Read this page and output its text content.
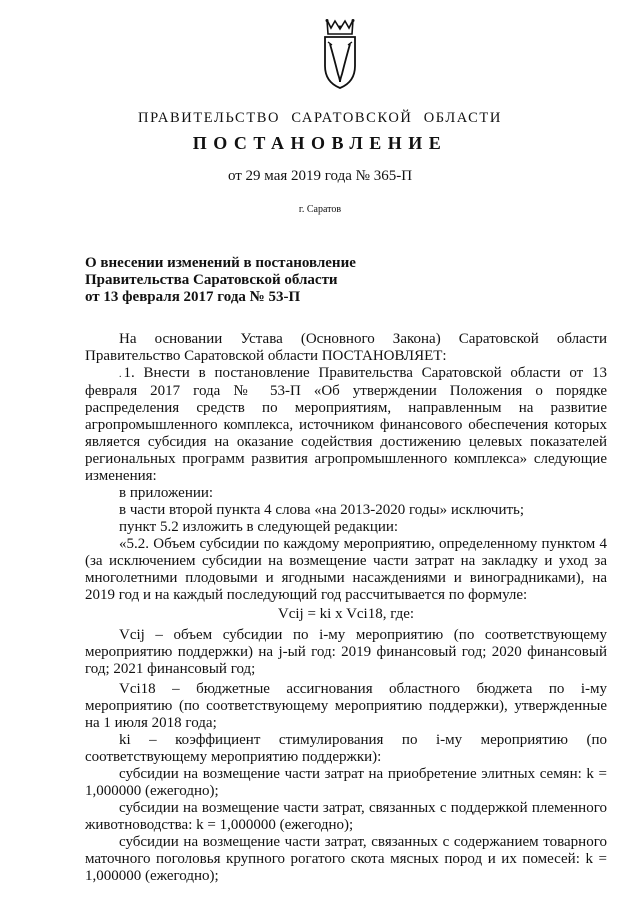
ПРАВИТЕЛЬСТВО САРАТОВСКОЙ ОБЛАСТИ
ПОСТАНОВЛЕНИЕ
от 29 мая 2019 года № 365-П
г. Саратов
О внесении изменений в постановление
Правительства Саратовской области
от 13 февраля 2017 года № 53-П

На основании Устава (Основного Закона) Саратовской области Правительство Саратовской области ПОСТАНОВЛЯЕТ:

. 1. Внести в постановление Правительства Саратовской области от 13 февраля 2017 года № 53-П «Об утверждении Положения о порядке распределения средств по мероприятиям, направленным на развитие агропромышленного комплекса, источником финансового обеспечения которых является субсидия на оказание содействия достижению целевых показателей региональных программ развития агропромышленного комплекса» следующие изменения:

в приложении:

в части второй пункта 4 слова «на 2013-2020 годы» исключить;

пункт 5.2 изложить в следующей редакции:

«5.2. Объем субсидии по каждому мероприятию, определенному пунктом 4 (за исключением субсидии на возмещение части затрат на закладку и уход за многолетними плодовыми и ягодными насаждениями и виноградниками), на 2019 год и на каждый последующий год рассчитывается по формуле:

Vcij = ki x Vci18, где:

Vcij – объем субсидии по i-му мероприятию (по соответствующему мероприятию поддержки) на j-ый год: 2019 финансовый год; 2020 финансовый год; 2021 финансовый год;

Vci18 – бюджетные ассигнования областного бюджета по i-му мероприятию (по соответствующему мероприятию поддержки), утвержденные на 1 июля 2018 года;

ki – коэффициент стимулирования по i-му мероприятию (по соответствующему мероприятию поддержки):

субсидии на возмещение части затрат на приобретение элитных семян: k = 1,000000 (ежегодно);

субсидии на возмещение части затрат, связанных с поддержкой племенного животноводства: k = 1,000000 (ежегодно);

субсидии на возмещение части затрат, связанных с содержанием товарного маточного поголовья крупного рогатого скота мясных пород и их помесей: k = 1,000000 (ежегодно);
